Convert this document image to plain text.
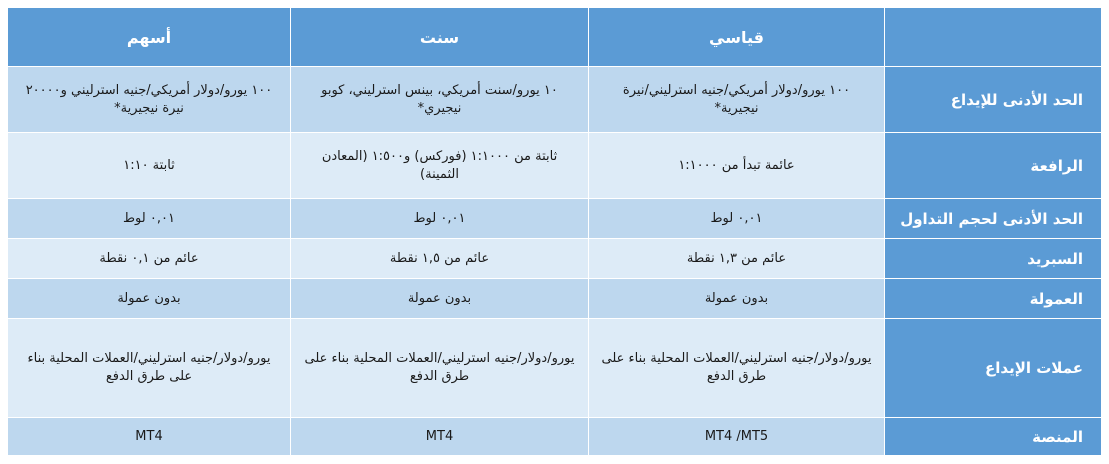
أسهم	سنت	قياسي	
١٠٠ يورو/دولار أمريكي/جنيه استرليني و٢٠٠٠٠ نيرة نيجيرية*	١٠ يورو/سنت أمريكي، بينس استرليني، كوبو نيجيري*	١٠٠ يورو/دولار أمريكي/جنيه استرليني/نيرة نيجيرية*	الحد الأدنى للإيداع
ثابتة ١:١٠	ثابتة من ١:١٠٠٠ (فوركس) و١:٥٠٠ (المعادن الثمينة)	عائمة تبدأ من ١:١٠٠٠	الرافعة
٠,٠١ لوط	٠,٠١ لوط	٠,٠١ لوط	الحد الأدنى لحجم التداول
عائم من ٠,١ نقطة	عائم من ١,٥ نقطة	عائم من ١,٣ نقطة	السبريد
بدون عمولة	بدون عمولة	بدون عمولة	العمولة
يورو/دولار/جنيه استرليني/العملات المحلية بناء على طرق الدفع	يورو/دولار/جنيه استرليني/العملات المحلية بناء على طرق الدفع	يورو/دولار/جنيه استرليني/العملات المحلية بناء على طرق الدفع	عملات الإيداع
MT4	MT4	MT4 /MT5	المنصة
